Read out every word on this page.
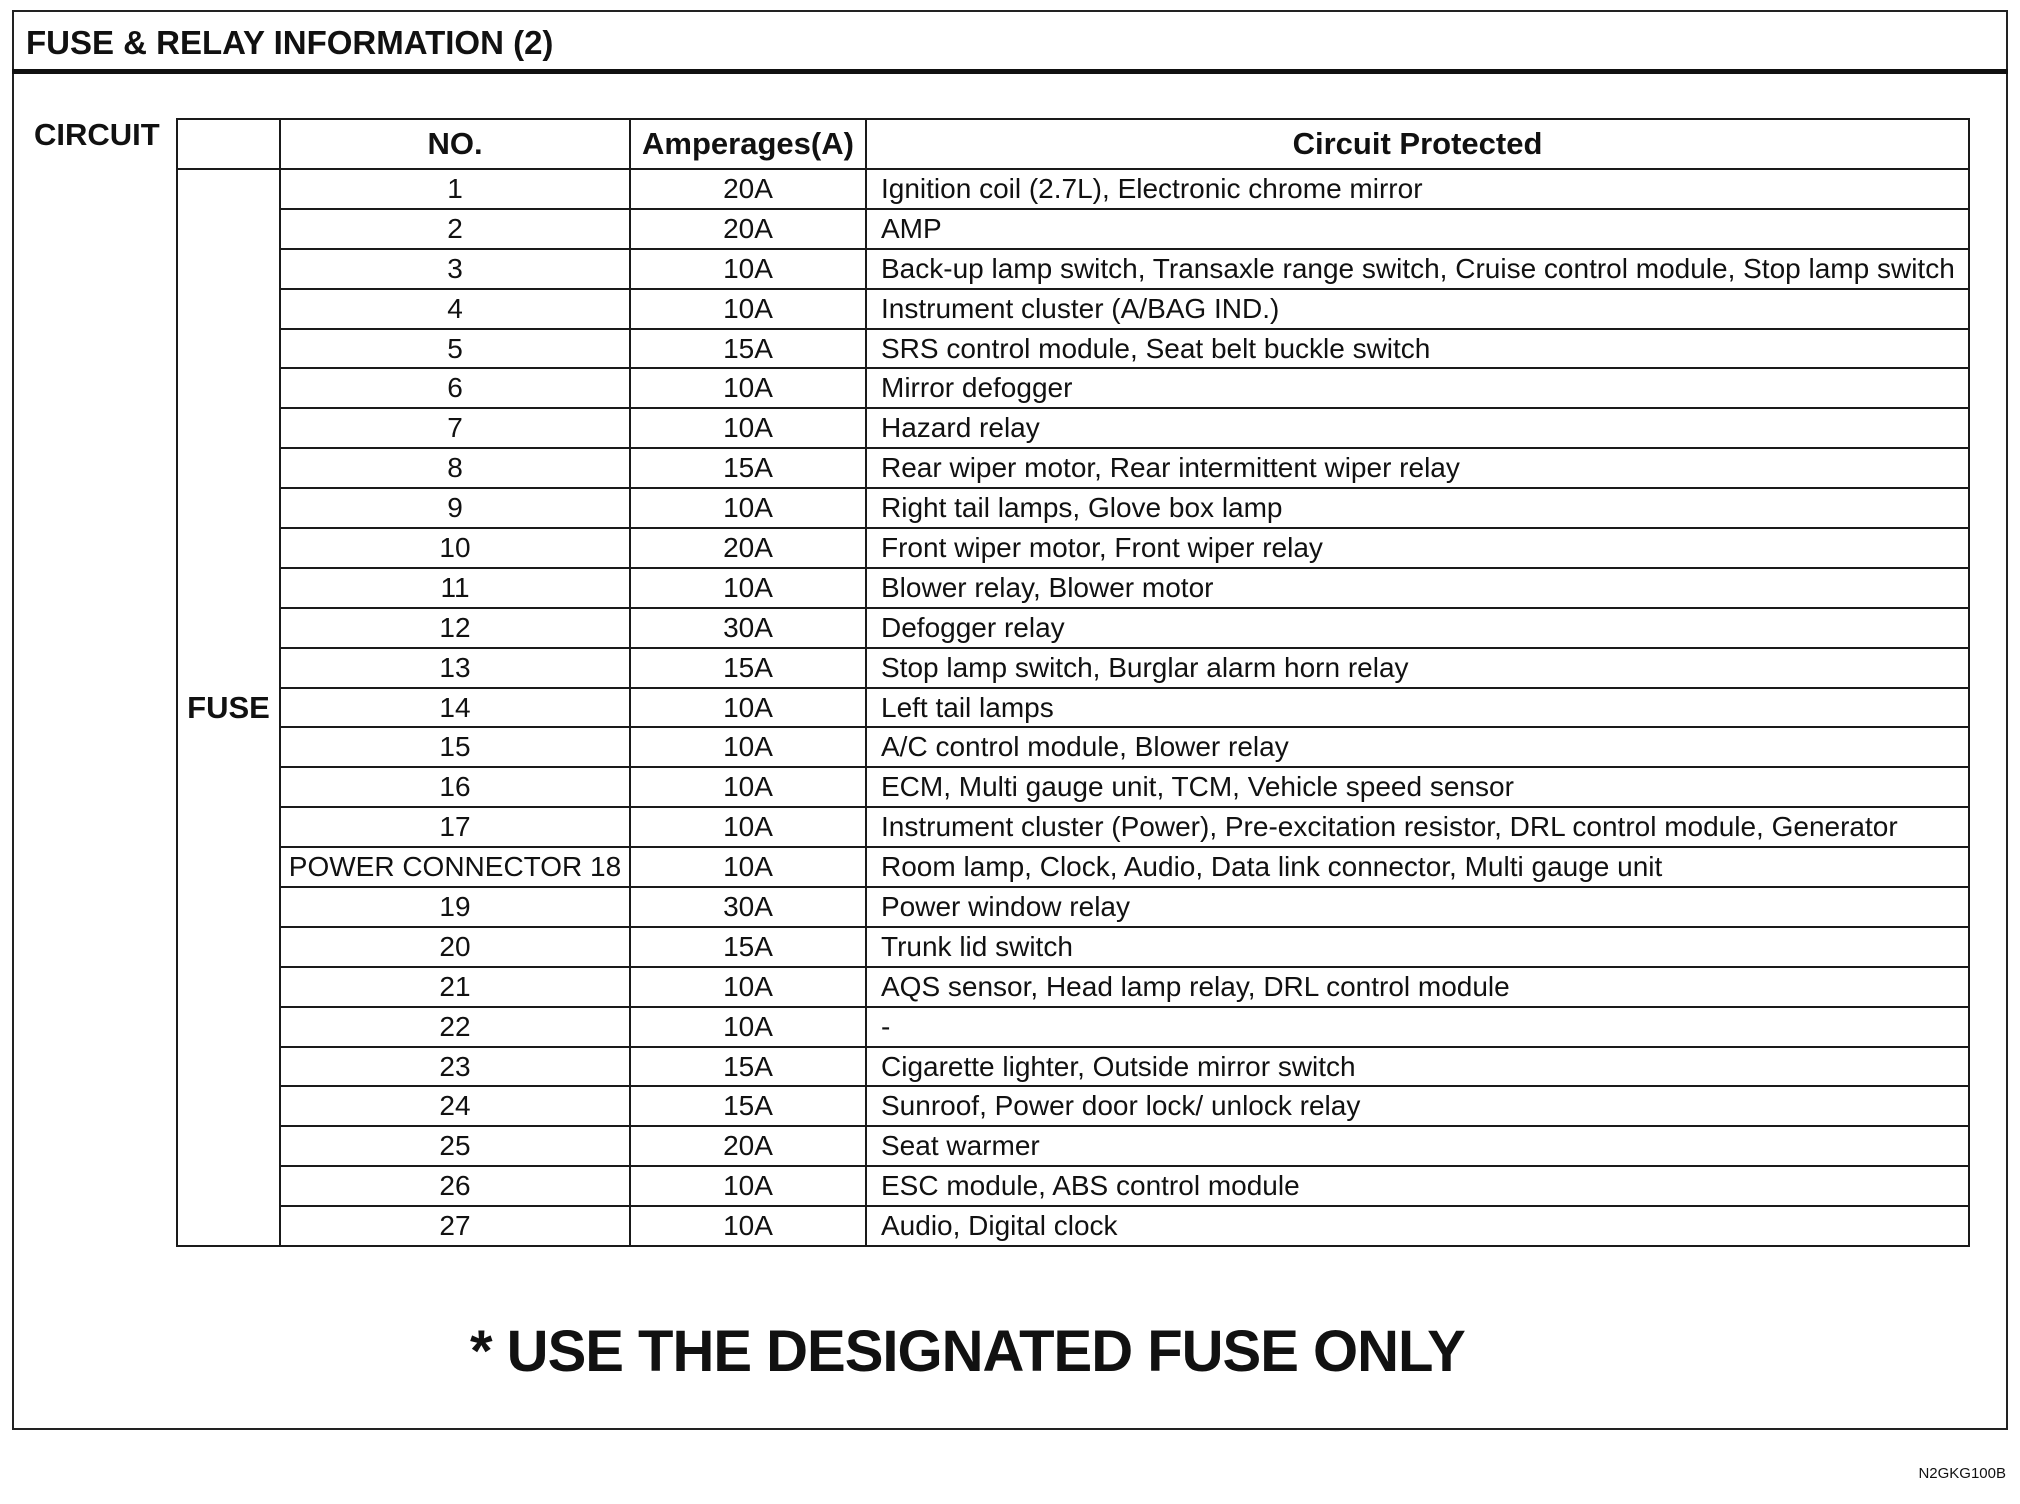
FUSE & RELAY INFORMATION (2)
CIRCUIT
		NO.	Amperages(A)	Circuit Protected
FUSE	1	20A	Ignition coil (2.7L), Electronic chrome mirror
	2	20A	AMP
	3	10A	Back-up lamp switch, Transaxle range switch, Cruise control module, Stop lamp switch
	4	10A	Instrument cluster (A/BAG IND.)
	5	15A	SRS control module, Seat belt buckle switch
	6	10A	Mirror defogger
	7	10A	Hazard relay
	8	15A	Rear wiper motor, Rear intermittent wiper relay
	9	10A	Right tail lamps, Glove box lamp
	10	20A	Front wiper motor, Front wiper relay
	11	10A	Blower relay, Blower motor
	12	30A	Defogger relay
	13	15A	Stop lamp switch, Burglar alarm horn relay
	14	10A	Left tail lamps
	15	10A	A/C control module, Blower relay
	16	10A	ECM, Multi gauge unit, TCM, Vehicle speed sensor
	17	10A	Instrument cluster (Power), Pre-excitation resistor, DRL control module, Generator
	POWER CONNECTOR 18	10A	Room lamp, Clock, Audio, Data link connector, Multi gauge unit
	19	30A	Power window relay
	20	15A	Trunk lid switch
	21	10A	AQS sensor, Head lamp relay, DRL control module
	22	10A	-
	23	15A	Cigarette lighter, Outside mirror switch
	24	15A	Sunroof, Power door lock/ unlock relay
	25	20A	Seat warmer
	26	10A	ESC module, ABS control module
	27	10A	Audio, Digital clock
* USE THE DESIGNATED FUSE ONLY
N2GKG100B
